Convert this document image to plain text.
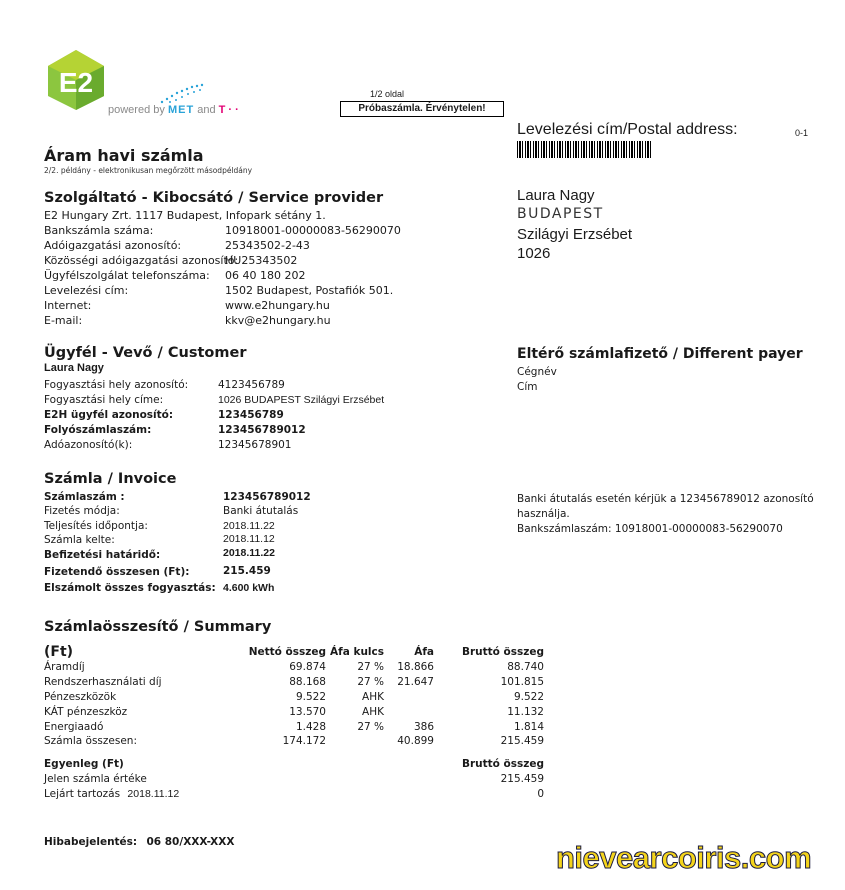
E2
powered by MET and T · ·
1/2 oldal
Próbaszámla. Érvénytelen!
Levelezési cím/Postal address:	0-1
Laura Nagy
BUDAPEST
Szilágyi Erzsébet
1026
Áram havi számla
2/2. példány - elektronikusan megőrzött másodpéldány
Szolgáltató - Kibocsátó / Service provider
E2 Hungary Zrt. 1117 Budapest, Infopark sétány 1.
Bankszámla száma:	10918001-00000083-56290070
Adóigazgatási azonosító:	25343502-2-43
Közösségi adóigazgatási azonosító:
HU25343502
Ügyfélszolgálat telefonszáma: 06 40 180 202
Levelezési cím:	1502 Budapest, Postafiók 501.
Internet:	www.e2hungary.hu
E-mail:	kkv@e2hungary.hu
Ügyfél - Vevő / Customer
Laura Nagy
Fogyasztási hely azonosító:	4123456789
Fogyasztási hely címe:	1026 BUDAPEST Szilágyi Erzsébet
E2H ügyfél azonosító:	123456789
Folyószámlaszám:	123456789012
Adóazonosító(k):	12345678901
Eltérő számlafizető / Different payer
Cégnév
Cím
Számla / Invoice
Számlaszám :	123456789012
Fizetés módja:	Banki átutalás
Teljesítés időpontja:	2018.11.22
Számla kelte:	2018.11.12
Befizetési határidő:	2018.11.22
Fizetendő összesen (Ft):	215.459
Elszámolt összes fogyasztás: 4.600 kWh
Banki átutalás esetén kérjük a 123456789012 azonosító
használja.
Bankszámlaszám: 10918001-00000083-56290070
Számlaösszesítő / Summary
(Ft)	Nettó összeg	Áfa kulcs	Áfa	Bruttó összeg
Áramdíj	69.874	27 %	18.866	88.740
Rendszerhasználati díj	88.168	27 %	21.647	101.815
Pénzeszközök	9.522	AHK		9.522
KÁT pénzeszköz	13.570	AHK		11.132
Energiaadó	1.428	27 %	386	1.814
Számla összesen:	174.172		40.899	215.459

Egyenleg (Ft)				Bruttó összeg
Jelen számla értéke				215.459
Lejárt tartozás 2018.11.12				0
Hibabejelentés: 06 80/XXX-XXX	nievearcoiris.com
